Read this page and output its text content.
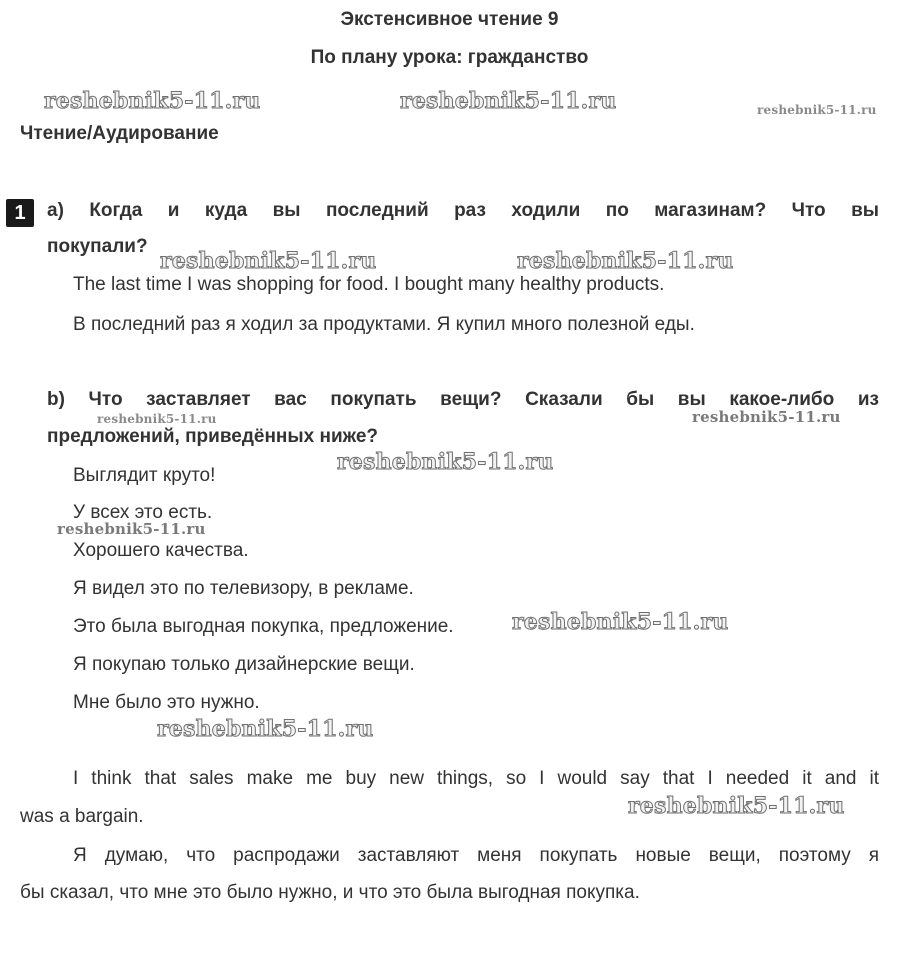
Экстенсивное чтение 9
По плану урока: гражданство
Чтение/Аудирование
1	a) Когда и куда вы последний раз ходили по магазинам? Что вы
покупали?
The last time I was shopping for food. I bought many healthy products.
В последний раз я ходил за продуктами. Я купил много полезной еды.
b) Что заставляет вас покупать вещи? Сказали бы вы какое-либо из
предложений, приведённых ниже?
Выглядит круто!
У всех это есть.
Хорошего качества.
Я видел это по телевизору, в рекламе.
Это была выгодная покупка, предложение.
Я покупаю только дизайнерские вещи.
Мне было это нужно.
I think that sales make me buy new things, so I would say that I needed it and it
was a bargain.
Я думаю, что распродажи заставляют меня покупать новые вещи, поэтому я
бы сказал, что мне это было нужно, и что это была выгодная покупка.
reshebnik5-11.ru	reshebnik5-11.ru	reshebnik5-11.ru
reshebnik5-11.ru	reshebnik5-11.ru
reshebnik5-11.ru	reshebnik5-11.ru
reshebnik5-11.ru
reshebnik5-11.ru
reshebnik5-11.ru
reshebnik5-11.ru
reshebnik5-11.ru
